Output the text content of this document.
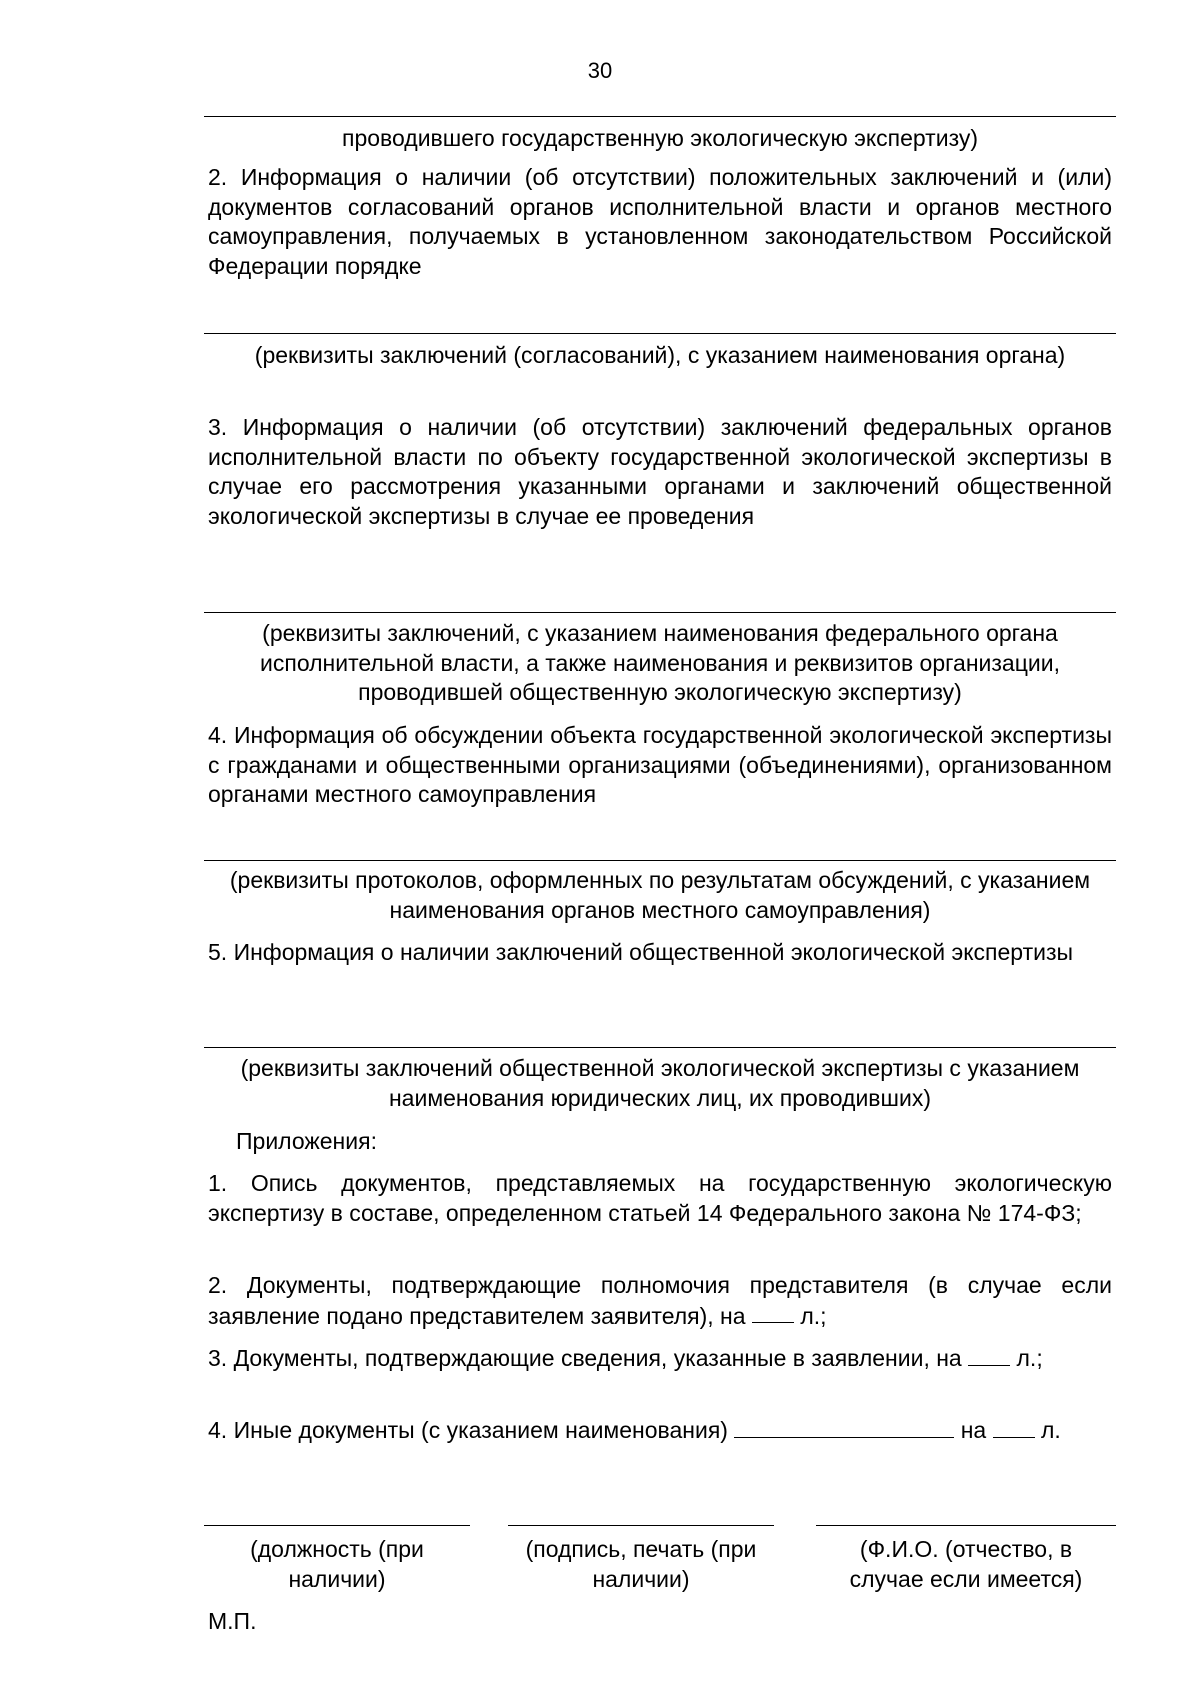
30
проводившего государственную экологическую экспертизу)

2. Информация о наличии (об отсутствии) положительных заключений и (или) документов согласований органов исполнительной власти и органов местного самоуправления, получаемых в установленном законодательством Российской Федерации порядке

(реквизиты заключений (согласований), с указанием наименования органа)

3. Информация о наличии (об отсутствии) заключений федеральных органов исполнительной власти по объекту государственной экологической экспертизы в случае его рассмотрения указанными органами и заключений общественной экологической экспертизы в случае ее проведения

(реквизиты заключений, с указанием наименования федерального органа исполнительной власти, а также наименования и реквизитов организации, проводившей общественную экологическую экспертизу)

4. Информация об обсуждении объекта государственной экологической экспертизы с гражданами и общественными организациями (объединениями), организованном органами местного самоуправления

(реквизиты протоколов, оформленных по результатам обсуждений, с указанием наименования органов местного самоуправления)

5. Информация о наличии заключений общественной экологической экспертизы

(реквизиты заключений общественной экологической экспертизы с указанием наименования юридических лиц, их проводивших)
Приложения:

1. Опись документов, представляемых на государственную экологическую экспертизу в составе, определенном статьей 14 Федерального закона № 174-ФЗ;

2. Документы, подтверждающие полномочия представителя (в случае если заявление подано представителем заявителя), на л.;

3. Документы, подтверждающие сведения, указанные в заявлении, на л.;

4. Иные документы (с указанием наименования)	на л.

(должность (при наличии)
(подпись, печать (при наличии)
(Ф.И.О. (отчество, в случае если имеется)
М.П.
